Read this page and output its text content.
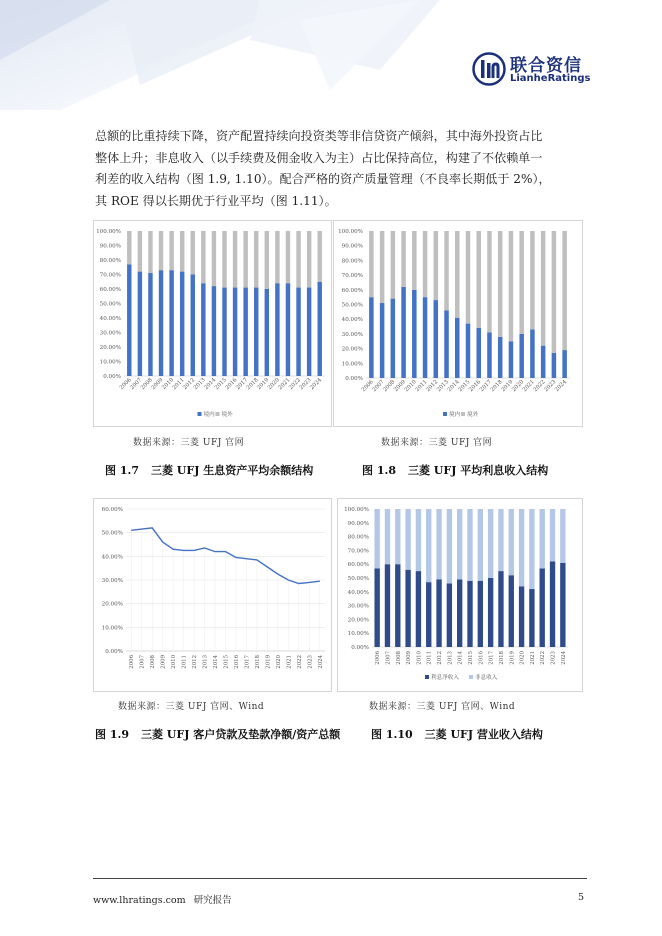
联合资信
LianheRatings
总额的比重持续下降，资产配置持续向投资类等非信贷资产倾斜，其中海外投资占比
整体上升；非息收入（以手续费及佣金收入为主）占比保持高位，构建了不依赖单一
利差的收入结构（图 1.9, 1.10）。配合严格的资产质量管理（不良率长期低于 2%），
其 ROE 得以长期优于行业平均（图 1.11）。
0.00%
10.00%
20.00%
30.00%
40.00%
50.00%
60.00%
70.00%
80.00%
90.00%
100.00%
2006
2007
2008
2009
2010
2011
2012
2013
2014
2015
2016
2017
2018
2019
2020
2021
2022
2023
2024
境内 境外
0.00%
10.00%
20.00%
30.00%
40.00%
50.00%
60.00%
70.00%
80.00%
90.00%
100.00%
2006
2007
2008
2009
2010
2011
2012
2013
2014
2015
2016
2017
2018
2019
2020
2021
2022
2023
2024
境内 境外
0.00%
10.00%
20.00%
30.00%
40.00%
50.00%
60.00%
2006 2007 2008 2009 2010 2011 2012 2013 2014 2015 2016 2017 2018 2019 2020 2021 2022 2023 2024
0.00%
10.00%
20.00%
30.00%
40.00%
50.00%
60.00%
70.00%
80.00%
90.00%
100.00%
2006 2007 2008 2009 2010 2011 2012 2013 2014 2015 2016 2017 2018 2019 2020 2021 2022 2023 2024
利息净收入	非息收入
数据来源：三菱 UFJ 官网	数据来源：三菱 UFJ 官网
数据来源：三菱 UFJ 官网、Wind	数据来源：三菱 UFJ 官网、Wind
图 1.7 三菱 UFJ 生息资产平均余额结构	图 1.8 三菱 UFJ 平均利息收入结构
图 1.9 三菱 UFJ 客户贷款及垫款净额/资产总额	图 1.10 三菱 UFJ 营业收入结构
www.lhratings.com 研究报告	5
